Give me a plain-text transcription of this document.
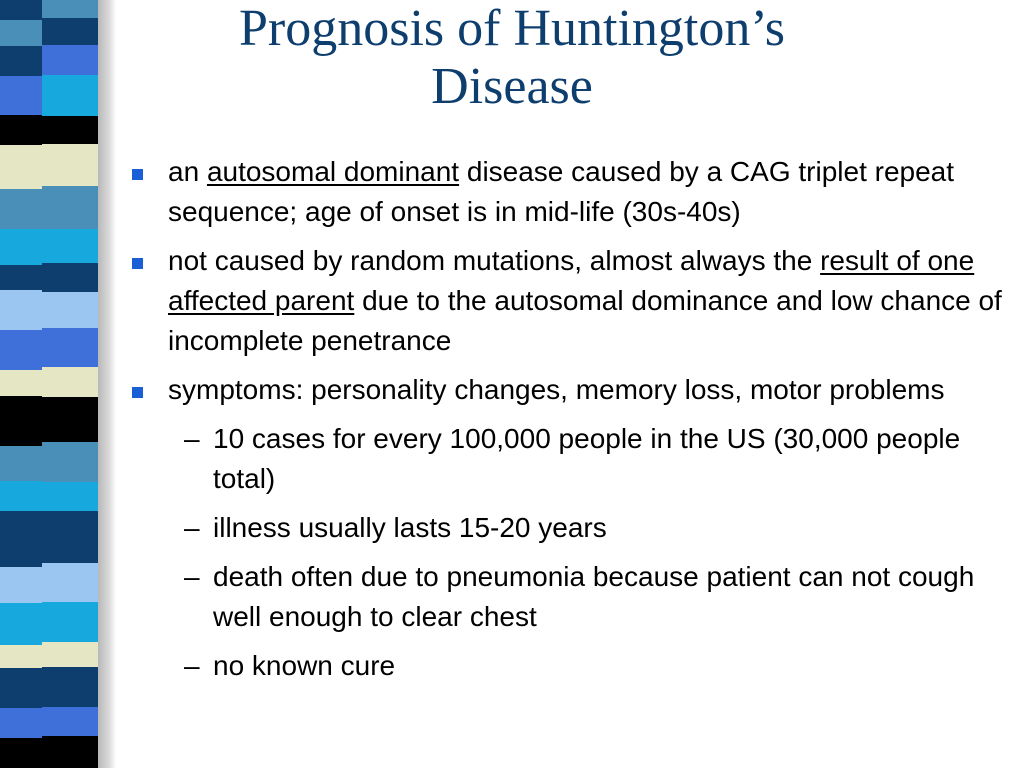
Prognosis of Huntington’s
Disease
an autosomal dominant disease caused by a CAG triplet repeat sequence; age of onset is in mid-life (30s-40s)
not caused by random mutations, almost always the result of one affected parent due to the autosomal dominance and low chance of incomplete penetrance
symptoms: personality changes, memory loss, motor problems
– 10 cases for every 100,000 people in the US (30,000 people total)
– illness usually lasts 15-20 years
– death often due to pneumonia because patient can not cough well enough to clear chest
– no known cure
